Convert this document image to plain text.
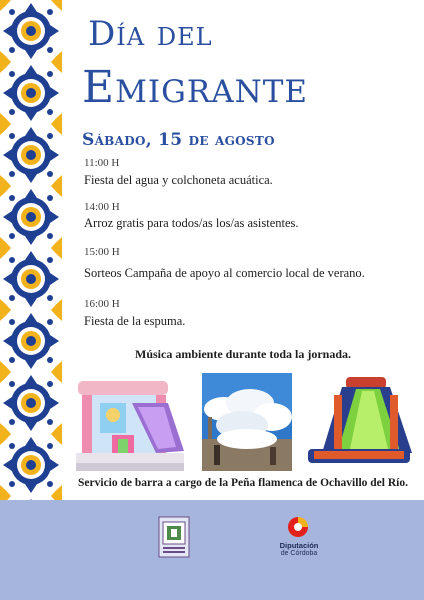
Día del
Emigrante
Sábado, 15 de agosto
11:00 H
Fiesta del agua y colchoneta acuática.
14:00 H
Arroz gratis para todos/as los/as asistentes.
15:00 H
Sorteos Campaña de apoyo al comercio local de verano.
16:00 H
Fiesta de la espuma.
Música ambiente durante toda la jornada.
Servicio de barra a cargo de la Peña flamenca de Ochavillo del Río.
Diputación
de Córdoba
